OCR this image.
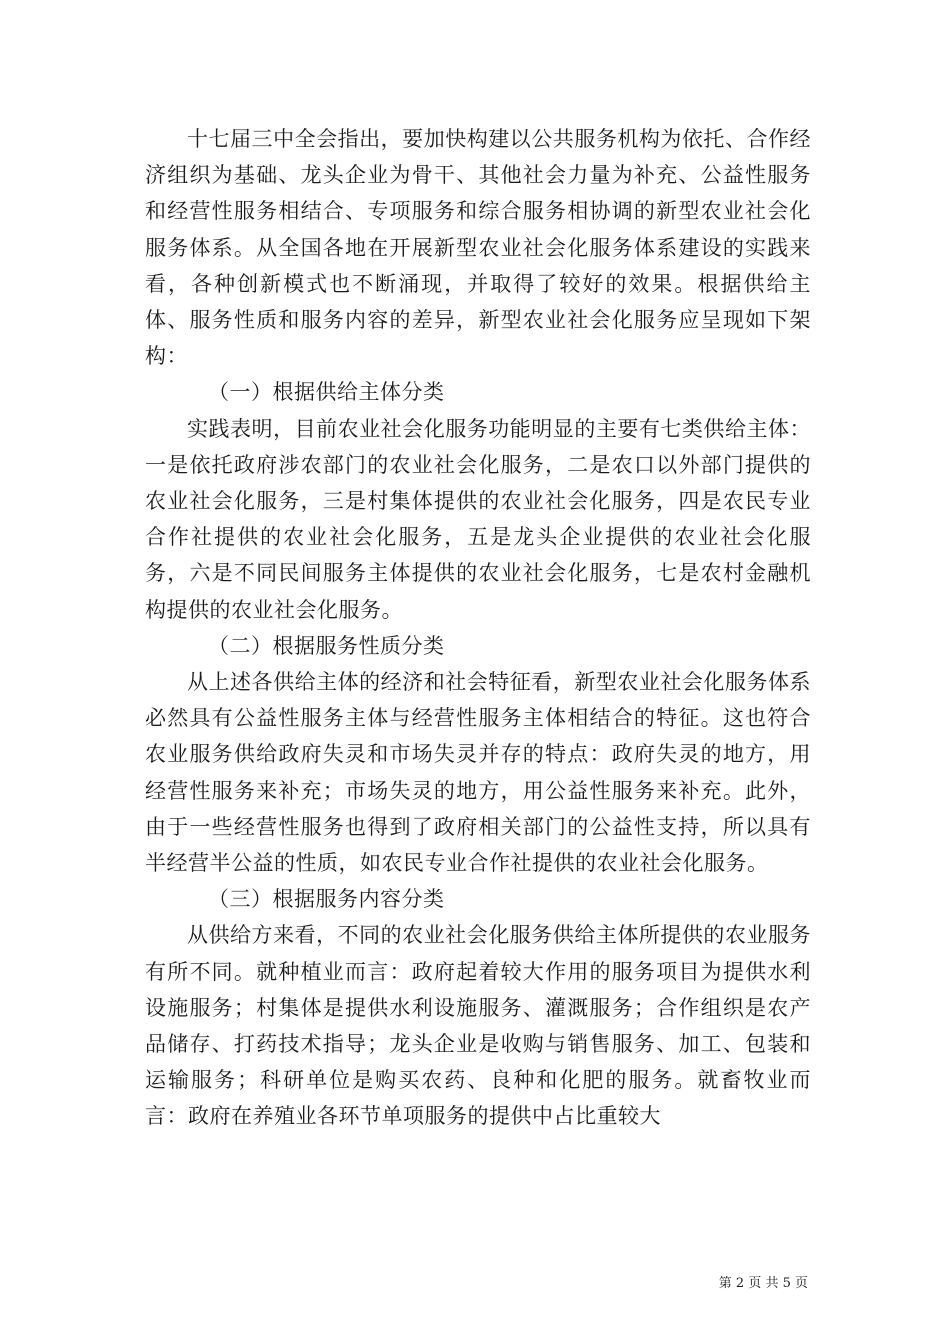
十七届三中全会指出，要加快构建以公共服务机构为依托、合作经济组织为基础、龙头企业为骨干、其他社会力量为补充、公益性服务和经营性服务相结合、专项服务和综合服务相协调的新型农业社会化服务体系。从全国各地在开展新型农业社会化服务体系建设的实践来看，各种创新模式也不断涌现，并取得了较好的效果。根据供给主体、服务性质和服务内容的差异，新型农业社会化服务应呈现如下架构：

（一）根据供给主体分类

实践表明，目前农业社会化服务功能明显的主要有七类供给主体：一是依托政府涉农部门的农业社会化服务，二是农口以外部门提供的农业社会化服务，三是村集体提供的农业社会化服务，四是农民专业合作社提供的农业社会化服务，五是龙头企业提供的农业社会化服务，六是不同民间服务主体提供的农业社会化服务，七是农村金融机构提供的农业社会化服务。

（二）根据服务性质分类

从上述各供给主体的经济和社会特征看，新型农业社会化服务体系必然具有公益性服务主体与经营性服务主体相结合的特征。这也符合农业服务供给政府失灵和市场失灵并存的特点：政府失灵的地方，用经营性服务来补充；市场失灵的地方，用公益性服务来补充。此外，由于一些经营性服务也得到了政府相关部门的公益性支持，所以具有半经营半公益的性质，如农民专业合作社提供的农业社会化服务。

（三）根据服务内容分类

从供给方来看，不同的农业社会化服务供给主体所提供的农业服务有所不同。就种植业而言：政府起着较大作用的服务项目为提供水利设施服务；村集体是提供水利设施服务、灌溉服务；合作组织是农产品储存、打药技术指导；龙头企业是收购与销售服务、加工、包装和运输服务；科研单位是购买农药、良种和化肥的服务。就畜牧业而言：政府在养殖业各环节单项服务的提供中占比重较大

第 2 页 共 5 页
